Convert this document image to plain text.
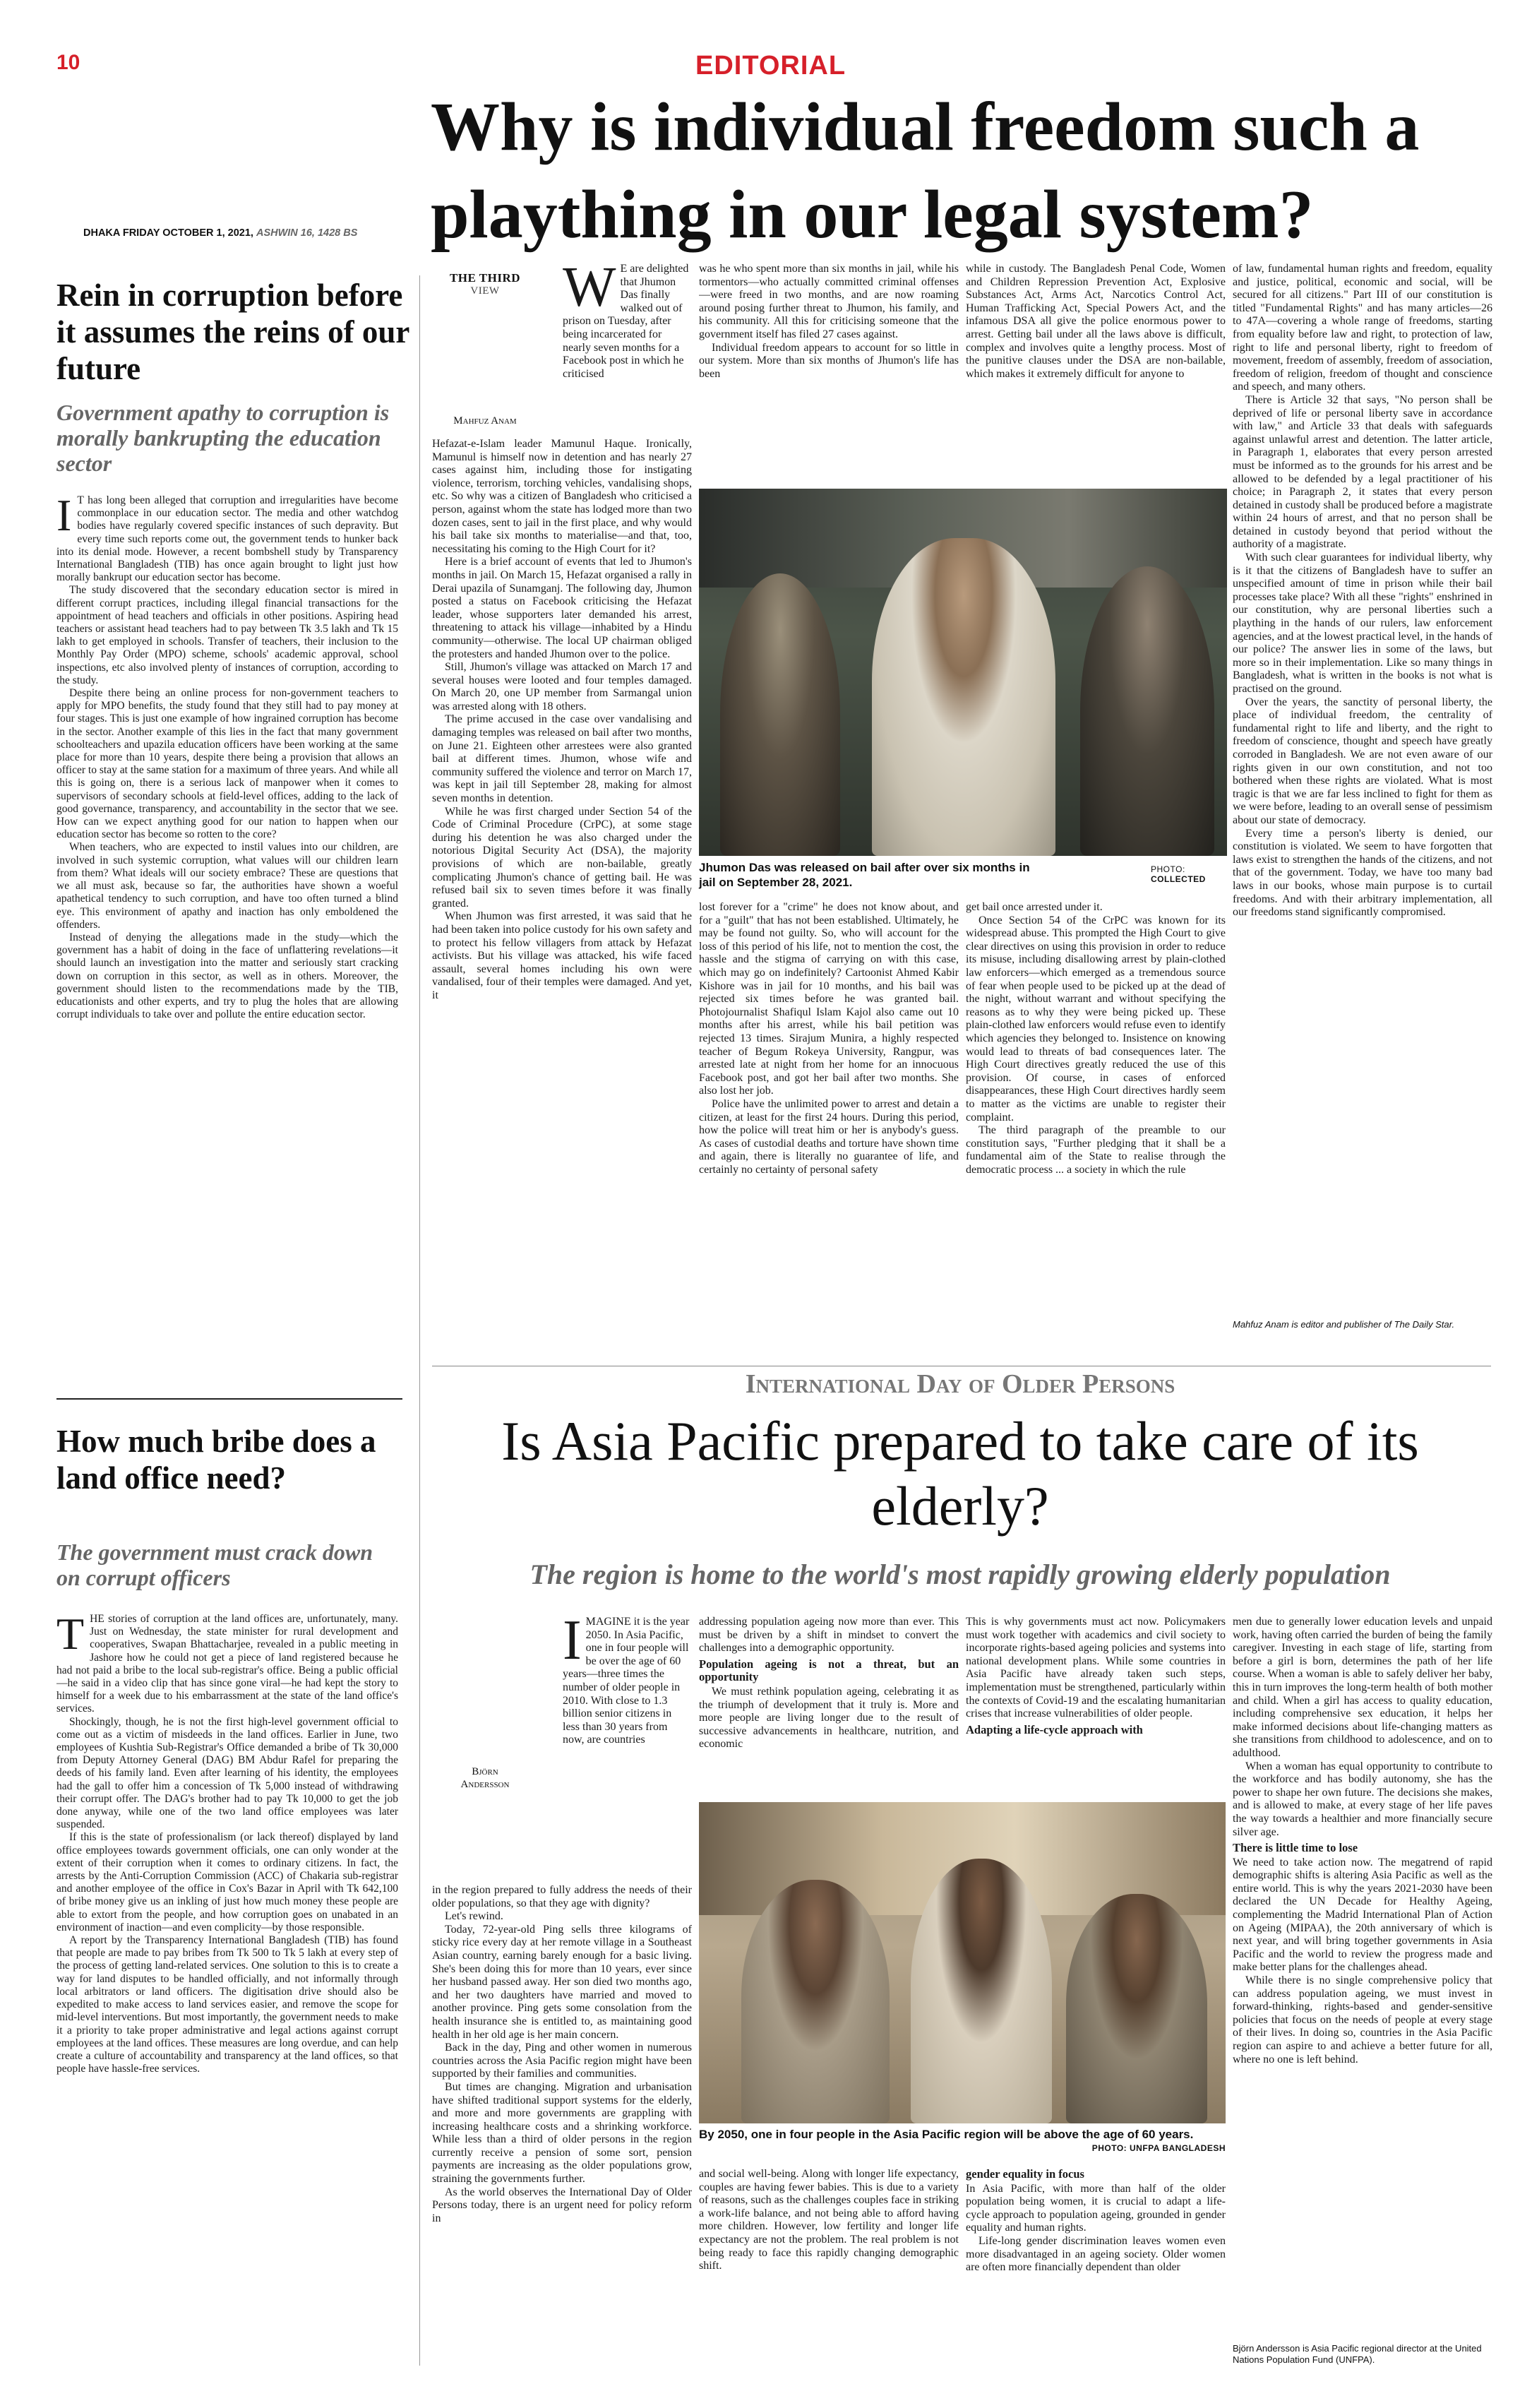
10	EDITORIAL
DHAKA FRIDAY OCTOBER 1, 2021, ASHWIN 16, 1428 BS
Why is individual freedom such a plaything in our legal system?
Rein in corruption before it assumes the reins of our future
Government apathy to corruption is morally bankrupting the education sector
I T has long been alleged that corruption and irregularities have become commonplace in our education sector. The media and other watchdog bodies have regularly covered specific instances of such depravity. But every time such reports come out, the government tends to hunker back into its denial mode. However, a recent bombshell study by Transparency International Bangladesh (TIB) has once again brought to light just how morally bankrupt our education sector has become.

The study discovered that the secondary education sector is mired in different corrupt practices, including illegal financial transactions for the appointment of head teachers and officials in other positions. Aspiring head teachers or assistant head teachers had to pay between Tk 3.5 lakh and Tk 15 lakh to get employed in schools. Transfer of teachers, their inclusion to the Monthly Pay Order (MPO) scheme, schools' academic approval, school inspections, etc also involved plenty of instances of corruption, according to the study.

Despite there being an online process for non-government teachers to apply for MPO benefits, the study found that they still had to pay money at four stages. This is just one example of how ingrained corruption has become in the sector. Another example of this lies in the fact that many government schoolteachers and upazila education officers have been working at the same place for more than 10 years, despite there being a provision that allows an officer to stay at the same station for a maximum of three years. And while all this is going on, there is a serious lack of manpower when it comes to supervisors of secondary schools at field-level offices, adding to the lack of good governance, transparency, and accountability in the sector that we see. How can we expect anything good for our nation to happen when our education sector has become so rotten to the core?

When teachers, who are expected to instil values into our children, are involved in such systemic corruption, what values will our children learn from them? What ideals will our society embrace? These are questions that we all must ask, because so far, the authorities have shown a woeful apathetical tendency to such corruption, and have too often turned a blind eye. This environment of apathy and inaction has only emboldened the offenders.

Instead of denying the allegations made in the study—which the government has a habit of doing in the face of unflattering revelations—it should launch an investigation into the matter and seriously start cracking down on corruption in this sector, as well as in others. Moreover, the government should listen to the recommendations made by the TIB, educationists and other experts, and try to plug the holes that are allowing corrupt individuals to take over and pollute the entire education sector.

How much bribe does a land office need?
The government must crack down on corrupt officers
T HE stories of corruption at the land offices are, unfortunately, many. Just on Wednesday, the state minister for rural development and cooperatives, Swapan Bhattacharjee, revealed in a public meeting in Jashore how he could not get a piece of land registered because he had not paid a bribe to the local sub-registrar's office. Being a public official—he said in a video clip that has since gone viral—he had kept the story to himself for a week due to his embarrassment at the state of the land office's services.

Shockingly, though, he is not the first high-level government official to come out as a victim of misdeeds in the land offices. Earlier in June, two employees of Kushtia Sub-Registrar's Office demanded a bribe of Tk 30,000 from Deputy Attorney General (DAG) BM Abdur Rafel for preparing the deeds of his family land. Even after learning of his identity, the employees had the gall to offer him a concession of Tk 5,000 instead of withdrawing their corrupt offer. The DAG's brother had to pay Tk 10,000 to get the job done anyway, while one of the two land office employees was later suspended.

If this is the state of professionalism (or lack thereof) displayed by land office employees towards government officials, one can only wonder at the extent of their corruption when it comes to ordinary citizens. In fact, the arrests by the Anti-Corruption Commission (ACC) of Chakaria sub-registrar and another employee of the office in Cox's Bazar in April with Tk 642,100 of bribe money give us an inkling of just how much money these people are able to extort from the people, and how corruption goes on unabated in an environment of inaction—and even complicity—by those responsible.

A report by the Transparency International Bangladesh (TIB) has found that people are made to pay bribes from Tk 500 to Tk 5 lakh at every step of the process of getting land-related services. One solution to this is to create a way for land disputes to be handled officially, and not informally through local arbitrators or land officers. The digitisation drive should also be expedited to make access to land services easier, and remove the scope for mid-level interventions. But most importantly, the government needs to make it a priority to take proper administrative and legal actions against corrupt employees at the land offices. These measures are long overdue, and can help create a culture of accountability and transparency at the land offices, so that people have hassle-free services.

THE THIRD
VIEW
Mahfuz Anam
W E are delighted that Jhumon Das finally walked out of prison on Tuesday, after being incarcerated for nearly seven months for a Facebook post in which he criticised

Hefazat-e-Islam leader Mamunul Haque. Ironically, Mamunul is himself now in detention and has nearly 27 cases against him, including those for instigating violence, terrorism, torching vehicles, vandalising shops, etc. So why was a citizen of Bangladesh who criticised a person, against whom the state has lodged more than two dozen cases, sent to jail in the first place, and why would his bail take six months to materialise—and that, too, necessitating his coming to the High Court for it?

Here is a brief account of events that led to Jhumon's months in jail. On March 15, Hefazat organised a rally in Derai upazila of Sunamganj. The following day, Jhumon posted a status on Facebook criticising the Hefazat leader, whose supporters later demanded his arrest, threatening to attack his village—inhabited by a Hindu community—otherwise. The local UP chairman obliged the protesters and handed Jhumon over to the police.

Still, Jhumon's village was attacked on March 17 and several houses were looted and four temples damaged. On March 20, one UP member from Sarmangal union was arrested along with 18 others.

The prime accused in the case over vandalising and damaging temples was released on bail after two months, on June 21. Eighteen other arrestees were also granted bail at different times. Jhumon, whose wife and community suffered the violence and terror on March 17, was kept in jail till September 28, making for almost seven months in detention.

While he was first charged under Section 54 of the Code of Criminal Procedure (CrPC), at some stage during his detention he was also charged under the notorious Digital Security Act (DSA), the majority provisions of which are non-bailable, greatly complicating Jhumon's chance of getting bail. He was refused bail six to seven times before it was finally granted.

When Jhumon was first arrested, it was said that he had been taken into police custody for his own safety and to protect his fellow villagers from attack by Hefazat activists. But his village was attacked, his wife faced assault, several homes including his own were vandalised, four of their temples were damaged. And yet, it

was he who spent more than six months in jail, while his tormentors—who actually committed criminal offenses—were freed in two months, and are now roaming around posing further threat to Jhumon, his family, and his community. All this for criticising someone that the government itself has filed 27 cases against.

Individual freedom appears to account for so little in our system. More than six months of Jhumon's life has been

while in custody. The Bangladesh Penal Code, Women and Children Repression Prevention Act, Explosive Substances Act, Arms Act, Narcotics Control Act, Human Trafficking Act, Special Powers Act, and the infamous DSA all give the police enormous power to arrest. Getting bail under all the laws above is difficult, complex and involves quite a lengthy process. Most of the punitive clauses under the DSA are non-bailable, which makes it extremely difficult for anyone to

Jhumon Das was released on bail after over six months in jail on September 28, 2021.
PHOTO:
COLLECTED

lost forever for a "crime" he does not know about, and for a "guilt" that has not been established. Ultimately, he may be found not guilty. So, who will account for the loss of this period of his life, not to mention the cost, the hassle and the stigma of carrying on with this case, which may go on indefinitely? Cartoonist Ahmed Kabir Kishore was in jail for 10 months, and his bail was rejected six times before he was granted bail. Photojournalist Shafiqul Islam Kajol also came out 10 months after his arrest, while his bail petition was rejected 13 times. Sirajum Munira, a highly respected teacher of Begum Rokeya University, Rangpur, was arrested late at night from her home for an innocuous Facebook post, and got her bail after two months. She also lost her job.

Police have the unlimited power to arrest and detain a citizen, at least for the first 24 hours. During this period, how the police will treat him or her is anybody's guess. As cases of custodial deaths and torture have shown time and again, there is literally no guarantee of life, and certainly no certainty of personal safety

get bail once arrested under it.

Once Section 54 of the CrPC was known for its widespread abuse. This prompted the High Court to give clear directives on using this provision in order to reduce its misuse, including disallowing arrest by plain-clothed law enforcers—which emerged as a tremendous source of fear when people used to be picked up at the dead of the night, without warrant and without specifying the reasons as to why they were being picked up. These plain-clothed law enforcers would refuse even to identify which agencies they belonged to. Insistence on knowing would lead to threats of bad consequences later. The High Court directives greatly reduced the use of this provision. Of course, in cases of enforced disappearances, these High Court directives hardly seem to matter as the victims are unable to register their complaint.

The third paragraph of the preamble to our constitution says, "Further pledging that it shall be a fundamental aim of the State to realise through the democratic process ... a society in which the rule

of law, fundamental human rights and freedom, equality and justice, political, economic and social, will be secured for all citizens." Part III of our constitution is titled "Fundamental Rights" and has many articles—26 to 47A—covering a whole range of freedoms, starting from equality before law and right, to protection of law, right to life and personal liberty, right to freedom of movement, freedom of assembly, freedom of association, freedom of religion, freedom of thought and conscience and speech, and many others.

There is Article 32 that says, "No person shall be deprived of life or personal liberty save in accordance with law," and Article 33 that deals with safeguards against unlawful arrest and detention. The latter article, in Paragraph 1, elaborates that every person arrested must be informed as to the grounds for his arrest and be allowed to be defended by a legal practitioner of his choice; in Paragraph 2, it states that every person detained in custody shall be produced before a magistrate within 24 hours of arrest, and that no person shall be detained in custody beyond that period without the authority of a magistrate.

With such clear guarantees for individual liberty, why is it that the citizens of Bangladesh have to suffer an unspecified amount of time in prison while their bail processes take place? With all these "rights" enshrined in our constitution, why are personal liberties such a plaything in the hands of our rulers, law enforcement agencies, and at the lowest practical level, in the hands of our police? The answer lies in some of the laws, but more so in their implementation. Like so many things in Bangladesh, what is written in the books is not what is practised on the ground.

Over the years, the sanctity of personal liberty, the place of individual freedom, the centrality of fundamental right to life and liberty, and the right to freedom of conscience, thought and speech have greatly corroded in Bangladesh. We are not even aware of our rights given in our own constitution, and not too bothered when these rights are violated. What is most tragic is that we are far less inclined to fight for them as we were before, leading to an overall sense of pessimism about our state of democracy.

Every time a person's liberty is denied, our constitution is violated. We seem to have forgotten that laws exist to strengthen the hands of the citizens, and not that of the government. Today, we have too many bad laws in our books, whose main purpose is to curtail freedoms. And with their arbitrary implementation, all our freedoms stand significantly compromised.

Mahfuz Anam is editor and publisher of The Daily Star.
International Day of Older Persons
Is Asia Pacific prepared to take care of its elderly?
The region is home to the world's most rapidly growing elderly population
Björn
Andersson
I MAGINE it is the year 2050. In Asia Pacific, one in four people will be over the age of 60 years—three times the number of older people in 2010. With close to 1.3 billion senior citizens in less than 30 years from now, are countries

in the region prepared to fully address the needs of their older populations, so that they age with dignity?

Let's rewind.

Today, 72-year-old Ping sells three kilograms of sticky rice every day at her remote village in a Southeast Asian country, earning barely enough for a basic living. She's been doing this for more than 10 years, ever since her husband passed away. Her son died two months ago, and her two daughters have married and moved to another province. Ping gets some consolation from the health insurance she is entitled to, as maintaining good health in her old age is her main concern.

Back in the day, Ping and other women in numerous countries across the Asia Pacific region might have been supported by their families and communities.

But times are changing. Migration and urbanisation have shifted traditional support systems for the elderly, and more and more governments are grappling with increasing healthcare costs and a shrinking workforce. While less than a third of older persons in the region currently receive a pension of some sort, pension payments are increasing as the older populations grow, straining the governments further.

As the world observes the International Day of Older Persons today, there is an urgent need for policy reform in

addressing population ageing now more than ever. This must be driven by a shift in mindset to convert the challenges into a demographic opportunity.

Population ageing is not a threat, but an opportunity

We must rethink population ageing, celebrating it as the triumph of development that it truly is. More and more people are living longer due to the result of successive advancements in healthcare, nutrition, and economic

This is why governments must act now. Policymakers must work together with academics and civil society to incorporate rights-based ageing policies and systems into national development plans. While some countries in Asia Pacific have already taken such steps, implementation must be strengthened, particularly within the contexts of Covid-19 and the escalating humanitarian crises that increase vulnerabilities of older people.

Adapting a life-cycle approach with
By 2050, one in four people in the Asia Pacific region will be above the age of 60 years.
PHOTO: UNFPA BANGLADESH

and social well-being. Along with longer life expectancy, couples are having fewer babies. This is due to a variety of reasons, such as the challenges couples face in striking a work-life balance, and not being able to afford having more children. However, low fertility and longer life expectancy are not the problem. The real problem is not being ready to face this rapidly changing demographic shift.

gender equality in focus

In Asia Pacific, with more than half of the older population being women, it is crucial to adapt a life-cycle approach to population ageing, grounded in gender equality and human rights.

Life-long gender discrimination leaves women even more disadvantaged in an ageing society. Older women are often more financially dependent than older

men due to generally lower education levels and unpaid work, having often carried the burden of being the family caregiver. Investing in each stage of life, starting from before a girl is born, determines the path of her life course. When a woman is able to safely deliver her baby, this in turn improves the long-term health of both mother and child. When a girl has access to quality education, including comprehensive sex education, it helps her make informed decisions about life-changing matters as she transitions from childhood to adolescence, and on to adulthood.

When a woman has equal opportunity to contribute to the workforce and has bodily autonomy, she has the power to shape her own future. The decisions she makes, and is allowed to make, at every stage of her life paves the way towards a healthier and more financially secure silver age.

There is little time to lose

We need to take action now. The megatrend of rapid demographic shifts is altering Asia Pacific as well as the entire world. This is why the years 2021-2030 have been declared the UN Decade for Healthy Ageing, complementing the Madrid International Plan of Action on Ageing (MIPAA), the 20th anniversary of which is next year, and will bring together governments in Asia Pacific and the world to review the progress made and make better plans for the challenges ahead.

While there is no single comprehensive policy that can address population ageing, we must invest in forward-thinking, rights-based and gender-sensitive policies that focus on the needs of people at every stage of their lives. In doing so, countries in the Asia Pacific region can aspire to and achieve a better future for all, where no one is left behind.

Björn Andersson is Asia Pacific regional director at the United Nations Population Fund (UNFPA).
